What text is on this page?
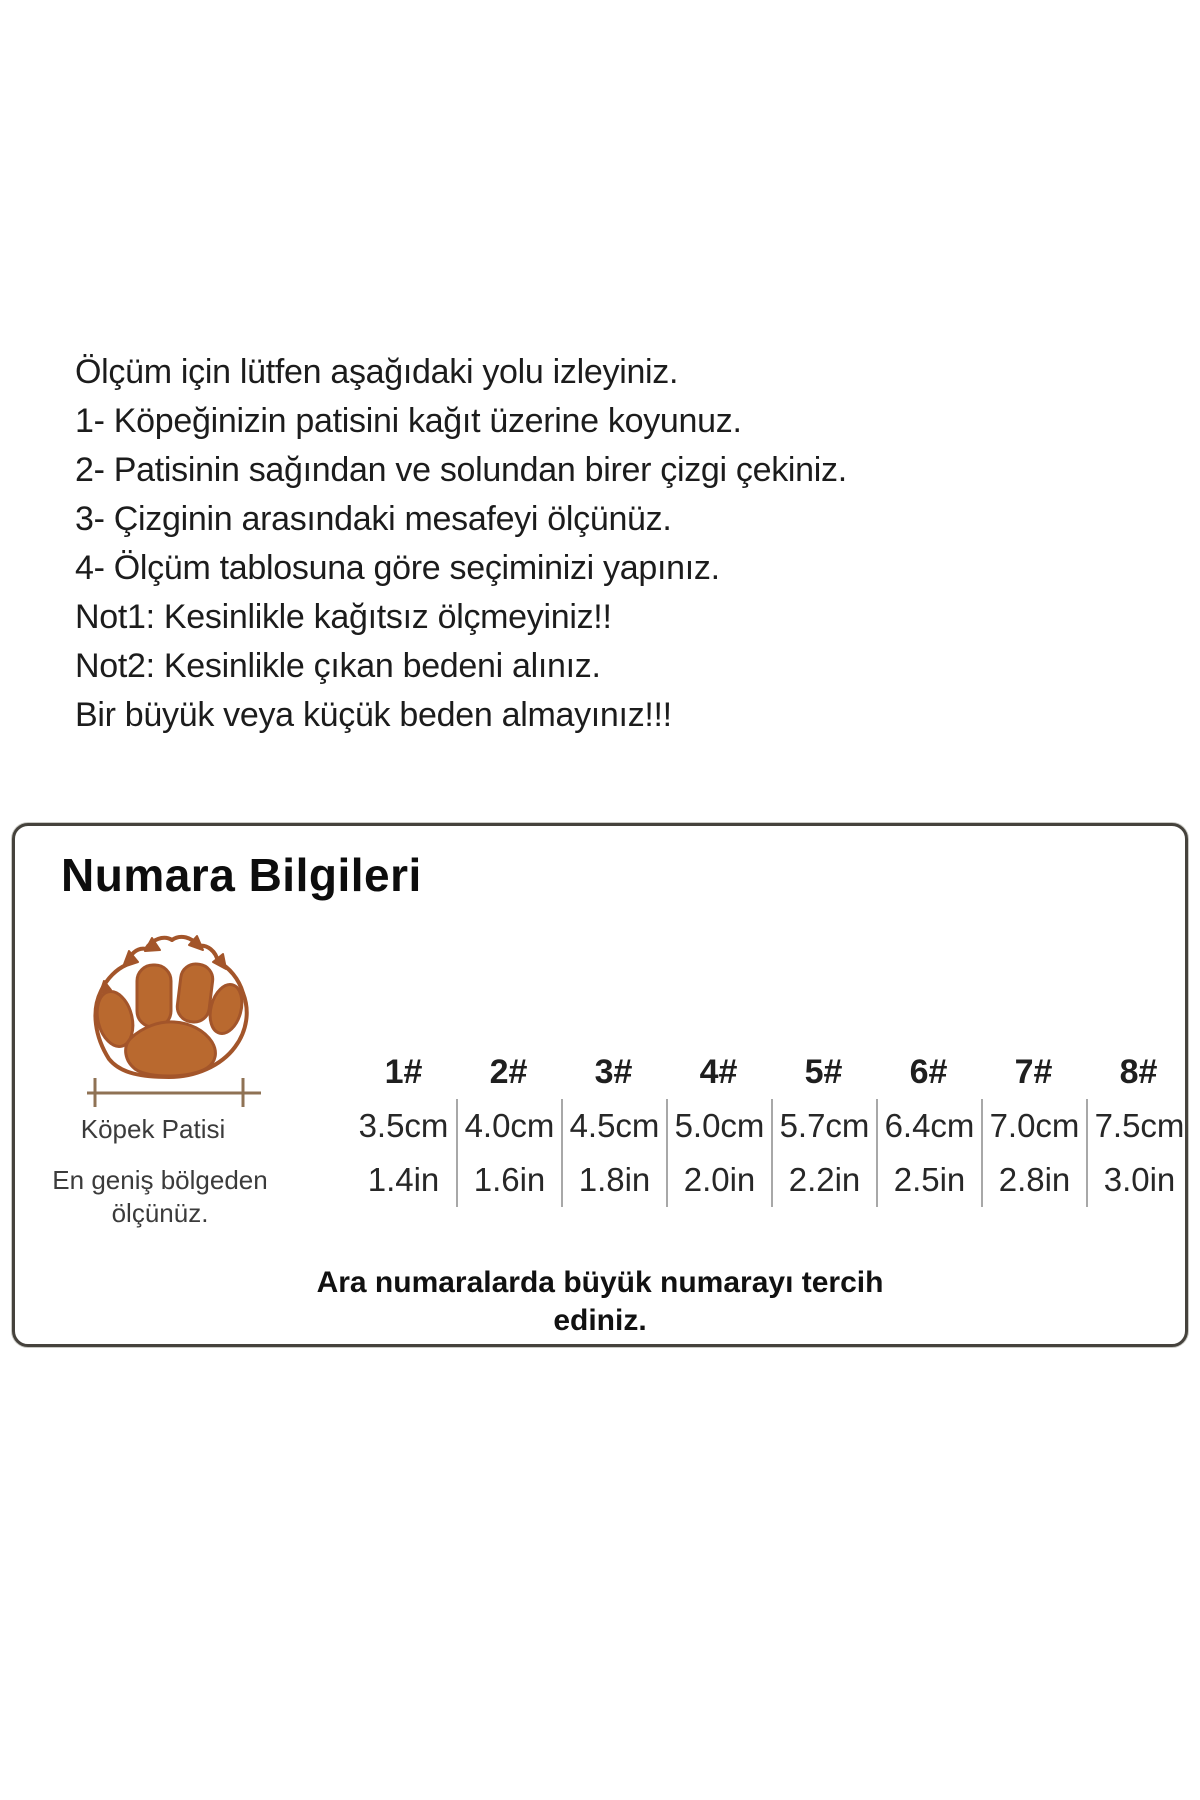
Ölçüm için lütfen aşağıdaki yolu izleyiniz.

1- Köpeğinizin patisini kağıt üzerine koyunuz.

2- Patisinin sağından ve solundan birer çizgi çekiniz.

3- Çizginin arasındaki mesafeyi ölçünüz.

4- Ölçüm tablosuna göre seçiminizi yapınız.

Not1: Kesinlikle kağıtsız ölçmeyiniz!!

Not2: Kesinlikle çıkan bedeni alınız.

Bir büyük veya küçük beden almayınız!!!

Numara Bilgileri
Köpek Patisi
En geniş bölgeden
ölçünüz.
1#	2#	3#	4#	5#	6#	7#	8#
3.5cm 4.0cm 4.5cm 5.0cm 5.7cm 6.4cm 7.0cm 7.5cm
1.4in	1.6in	1.8in	2.0in	2.2in	2.5in	2.8in	3.0in
Ara numaralarda büyük numarayı tercih
ediniz.
